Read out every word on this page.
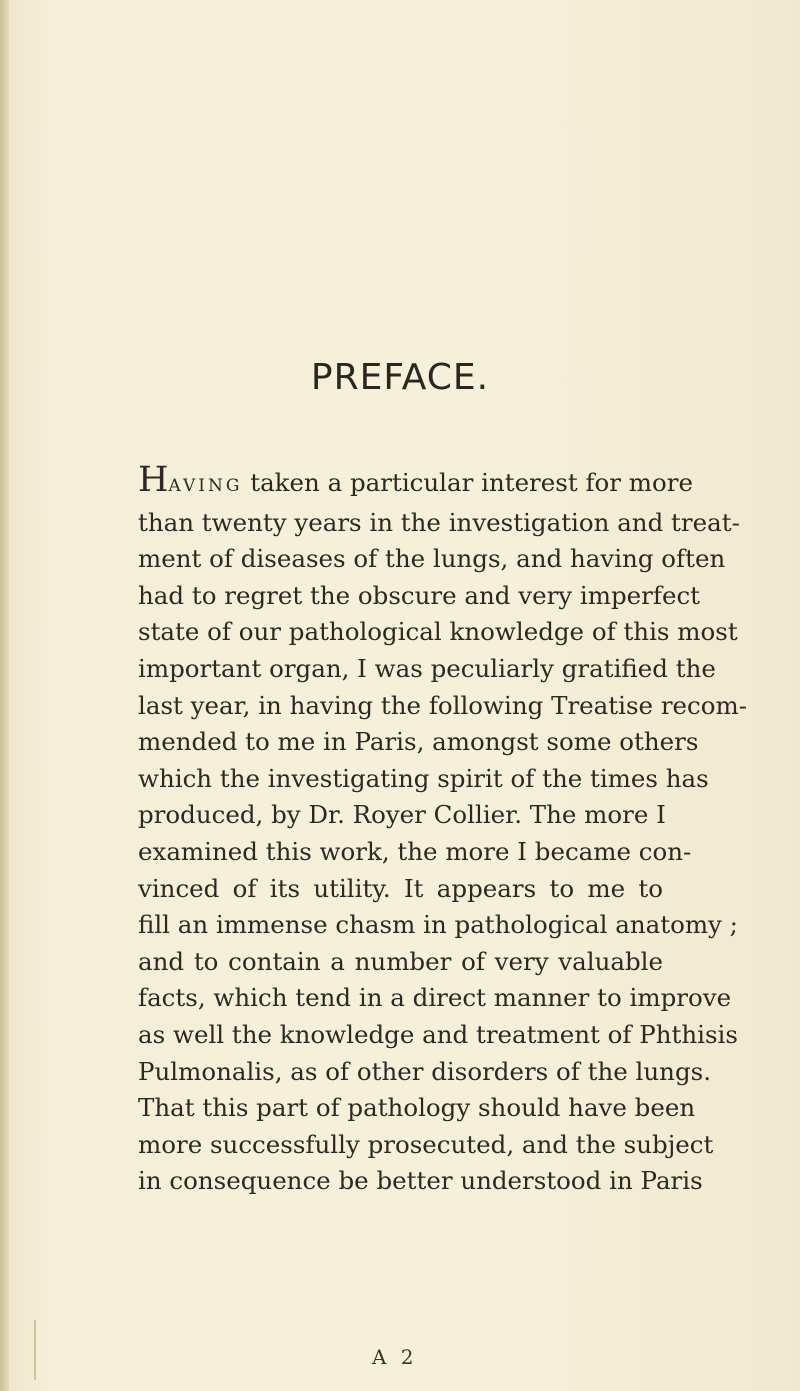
PREFACE.
HAVING taken a particular interest for more
than twenty years in the investigation and treat-
ment of diseases of the lungs, and having often
had to regret the obscure and very imperfect
state of our pathological knowledge of this most
important organ, I was peculiarly gratified the
last year, in having the following Treatise recom-
mended to me in Paris, amongst some others
which the investigating spirit of the times has
produced, by Dr. Royer Collier. The more I
examined this work, the more I became con-
vinced of its utility. It appears to me to
fill an immense chasm in pathological anatomy ;
and to contain a number of very valuable
facts, which tend in a direct manner to improve
as well the knowledge and treatment of Phthisis
Pulmonalis, as of other disorders of the lungs.
That this part of pathology should have been
more successfully prosecuted, and the subject
in consequence be better understood in Paris
A 2
